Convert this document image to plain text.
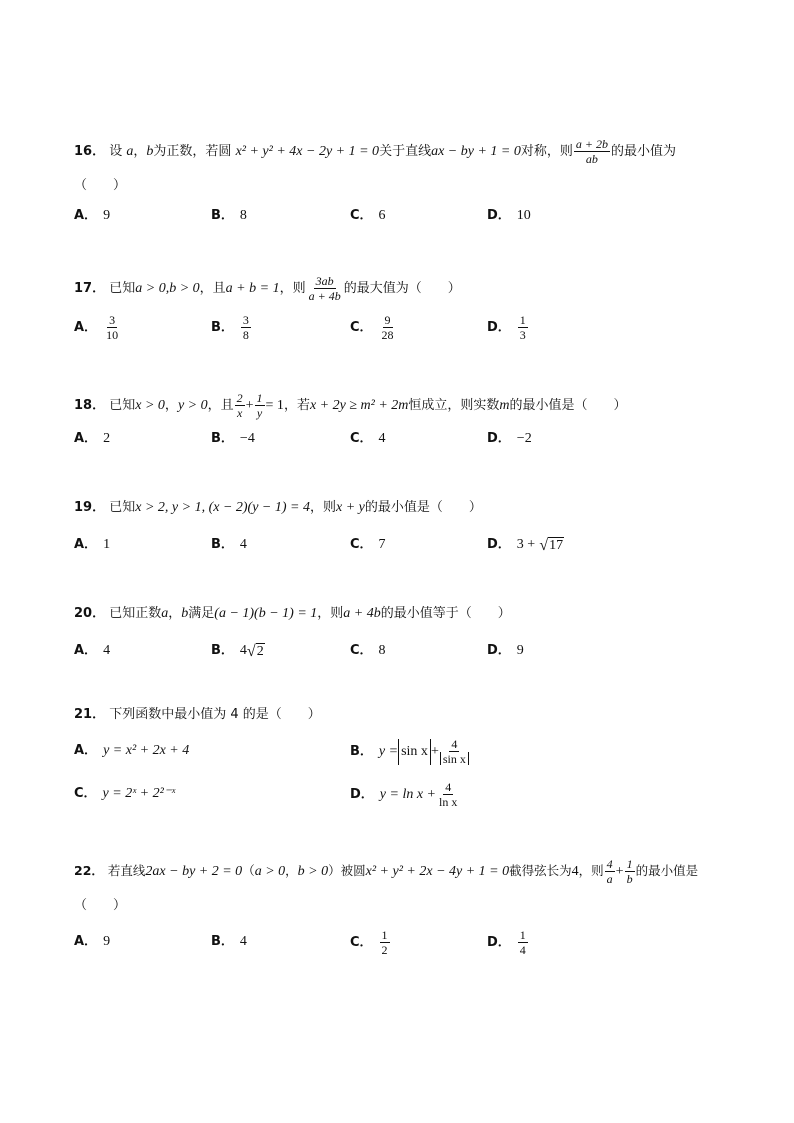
16． 设 a，b为正数，若圆 x² + y² + 4x − 2y + 1 = 0关于直线ax − by + 1 = 0对称，则 $\frac{a + 2b}{ab}$ 的最小值为
（　　）
A． 9	B． 8	C． 6	D． 10
17． 已知a > 0,b > 0，且a + b = 1，则 $\frac{3ab}{a + 4b}$ 的最大值为（　　）
A． $\frac{3}{10}$	B． $\frac{3}{8}$	C． $\frac{9}{28}$	D． $\frac{1}{3}$
18． 已知x > 0，y > 0，且 $\frac{2}{x} + \frac{1}{y} = 1$，若x + 2y ≥ m² + 2m恒成立，则实数m的最小值是（　　）
A． 2	B． −4	C． 4	D． −2
19． 已知x > 2, y > 1, (x − 2)(y − 1) = 4，则x + y的最小值是（　　）
A． 1	B． 4	C． 7	D． 3 +
√ 17
20． 已知正数a，b满足(a − 1)(b − 1) = 1，则a + 4b的最小值等于（　　）
A． 4	B． 4 √ 2	C． 8	D． 9
21． 下列函数中最小值为 4 的是（　　）
A． y = x² + 2x + 4	B． $y = \sin x + \frac{4}{\text{sin x}}$
C． y = 2ˣ + 2²⁻ˣ	D． $y = \ln x + \frac{4}{\text{ln x}}$
22． 若直线2ax − by + 2 = 0（a > 0，b > 0）被圆x² + y² + 2x − 4y + 1 = 0截得弦长为4，则 $\frac{4}{a} + \frac{1}{b}$ 的最小值是
（　　）
A． 9	B． 4	C． $\frac{1}{2}$	D． $\frac{1}{4}$
